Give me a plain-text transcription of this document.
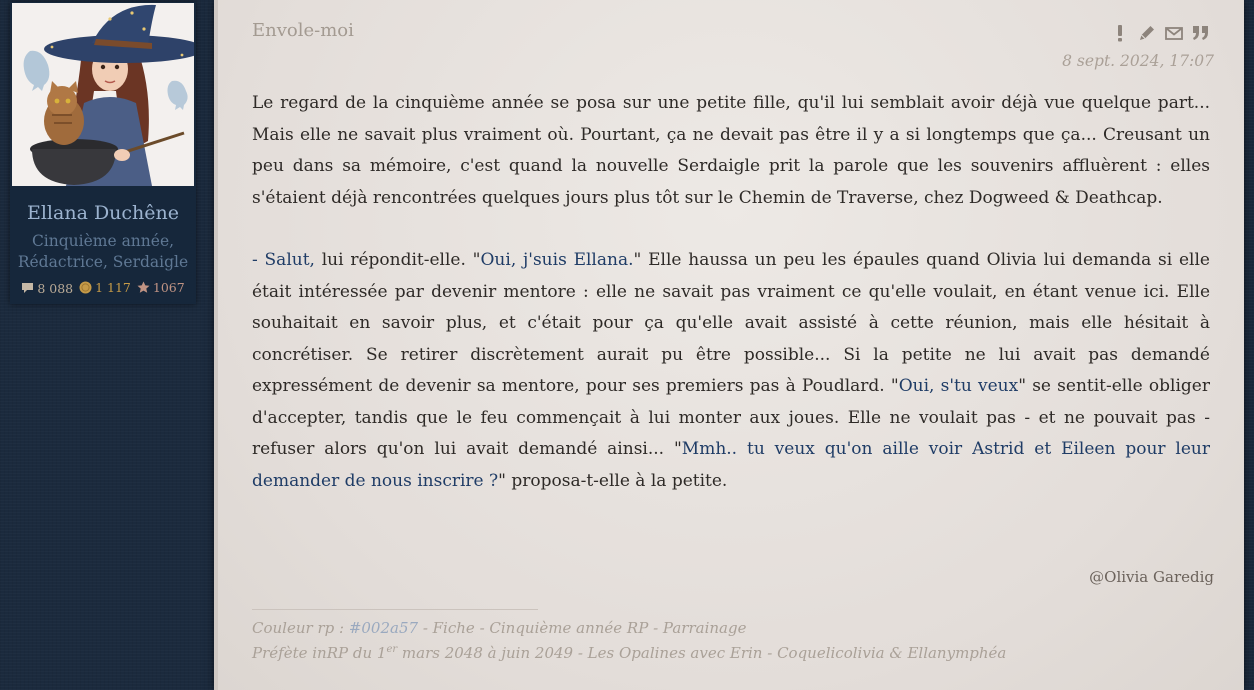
Ellana Duchêne
Cinquième année,
Rédactrice, Serdaigle
8 088
1 117
1067
Envole-moi
8 sept. 2024, 17:07

Le regard de la cinquième année se posa sur une petite fille, qu'il lui semblait avoir déjà vue quelque part... Mais elle ne savait plus vraiment où. Pourtant, ça ne devait pas être il y a si longtemps que ça... Creusant un peu dans sa mémoire, c'est quand la nouvelle Serdaigle prit la parole que les souvenirs affluèrent : elles s'étaient déjà rencontrées quelques jours plus tôt sur le Chemin de Traverse, chez Dogweed & Deathcap.

- Salut, lui répondit-elle. "Oui, j'suis Ellana." Elle haussa un peu les épaules quand Olivia lui demanda si elle était intéressée par devenir mentore : elle ne savait pas vraiment ce qu'elle voulait, en étant venue ici. Elle souhaitait en savoir plus, et c'était pour ça qu'elle avait assisté à cette réunion, mais elle hésitait à concrétiser. Se retirer discrètement aurait pu être possible... Si la petite ne lui avait pas demandé expressément de devenir sa mentore, pour ses premiers pas à Poudlard. "Oui, s'tu veux" se sentit-elle obliger d'accepter, tandis que le feu commençait à lui monter aux joues. Elle ne voulait pas - et ne pouvait pas - refuser alors qu'on lui avait demandé ainsi... "Mmh.. tu veux qu'on aille voir Astrid et Eileen pour leur demander de nous inscrire ?" proposa-t-elle à la petite.

@Olivia Garedig
Couleur rp : #002a57 - Fiche - Cinquième année RP - Parrainage
Préfète inRP du 1er mars 2048 à juin 2049 - Les Opalines avec Erin - Coquelicolivia & Ellanymphéa
